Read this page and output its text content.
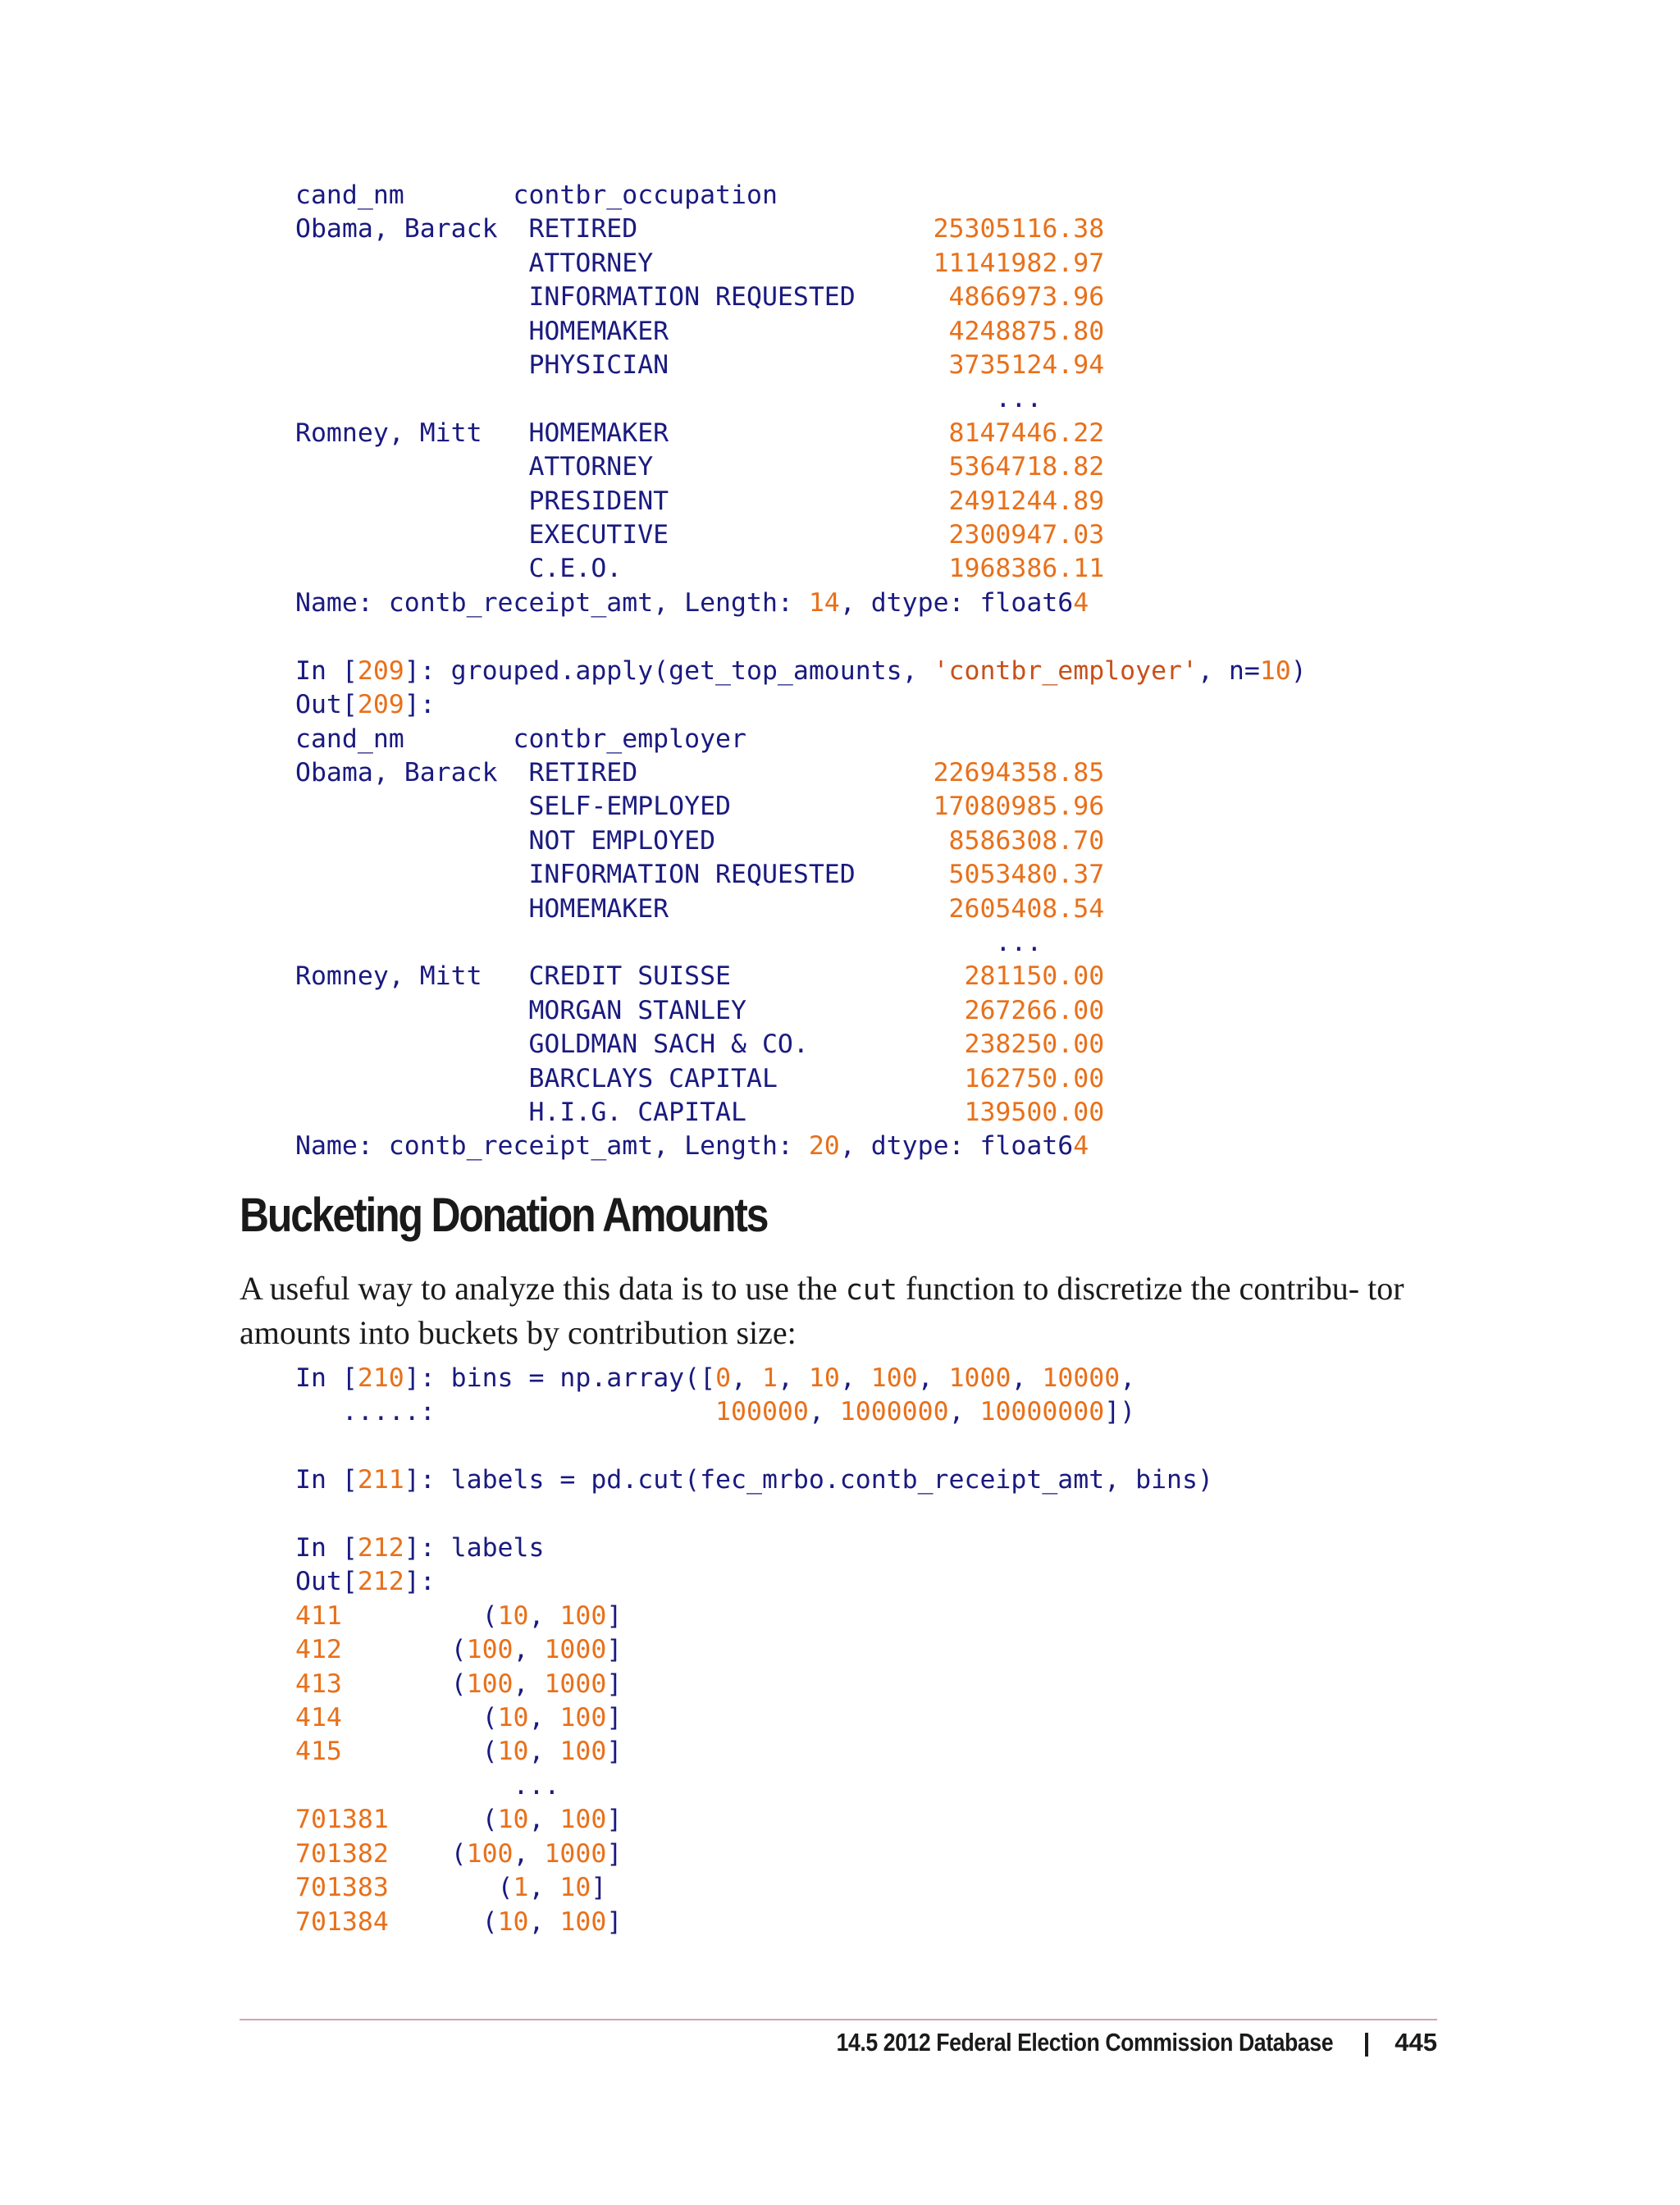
cand_nm       contbr_occupation
Obama, Barack  RETIRED                   25305116.38
ATTORNEY                  11141982.97
INFORMATION REQUESTED      4866973.96
HOMEMAKER                  4248875.80
PHYSICIAN                  3735124.94
...
Romney, Mitt   HOMEMAKER                  8147446.22
ATTORNEY                   5364718.82
PRESIDENT                  2491244.89
EXECUTIVE                  2300947.03
C.E.O.                     1968386.11
Name: contb_receipt_amt, Length: 14, dtype: float64

In [209]: grouped.apply(get_top_amounts, 'contbr_employer', n=10)
Out[209]:
cand_nm       contbr_employer
Obama, Barack  RETIRED                   22694358.85
SELF-EMPLOYED             17080985.96
NOT EMPLOYED               8586308.70
INFORMATION REQUESTED      5053480.37
HOMEMAKER                  2605408.54
...
Romney, Mitt   CREDIT SUISSE               281150.00
MORGAN STANLEY              267266.00
GOLDMAN SACH & CO.          238250.00
BARCLAYS CAPITAL            162750.00
H.I.G. CAPITAL              139500.00
Name: contb_receipt_amt, Length: 20, dtype: float64
Bucketing Donation Amounts

A useful way to analyze this data is to use the cut function to discretize the contribu- tor amounts into buckets by contribution size:

In [210]: bins = np.array([0, 1, 10, 100, 1000, 10000,
.....:                  100000, 1000000, 10000000])

In [211]: labels = pd.cut(fec_mrbo.contb_receipt_amt, bins)

In [212]: labels
Out[212]:
411         (10, 100]
412       (100, 1000]
413       (100, 1000]
414         (10, 100]
415         (10, 100]
...
701381      (10, 100]
701382    (100, 1000]
701383       (1, 10]
701384      (10, 100]
14.5 2012 Federal Election Commission Database | 445
